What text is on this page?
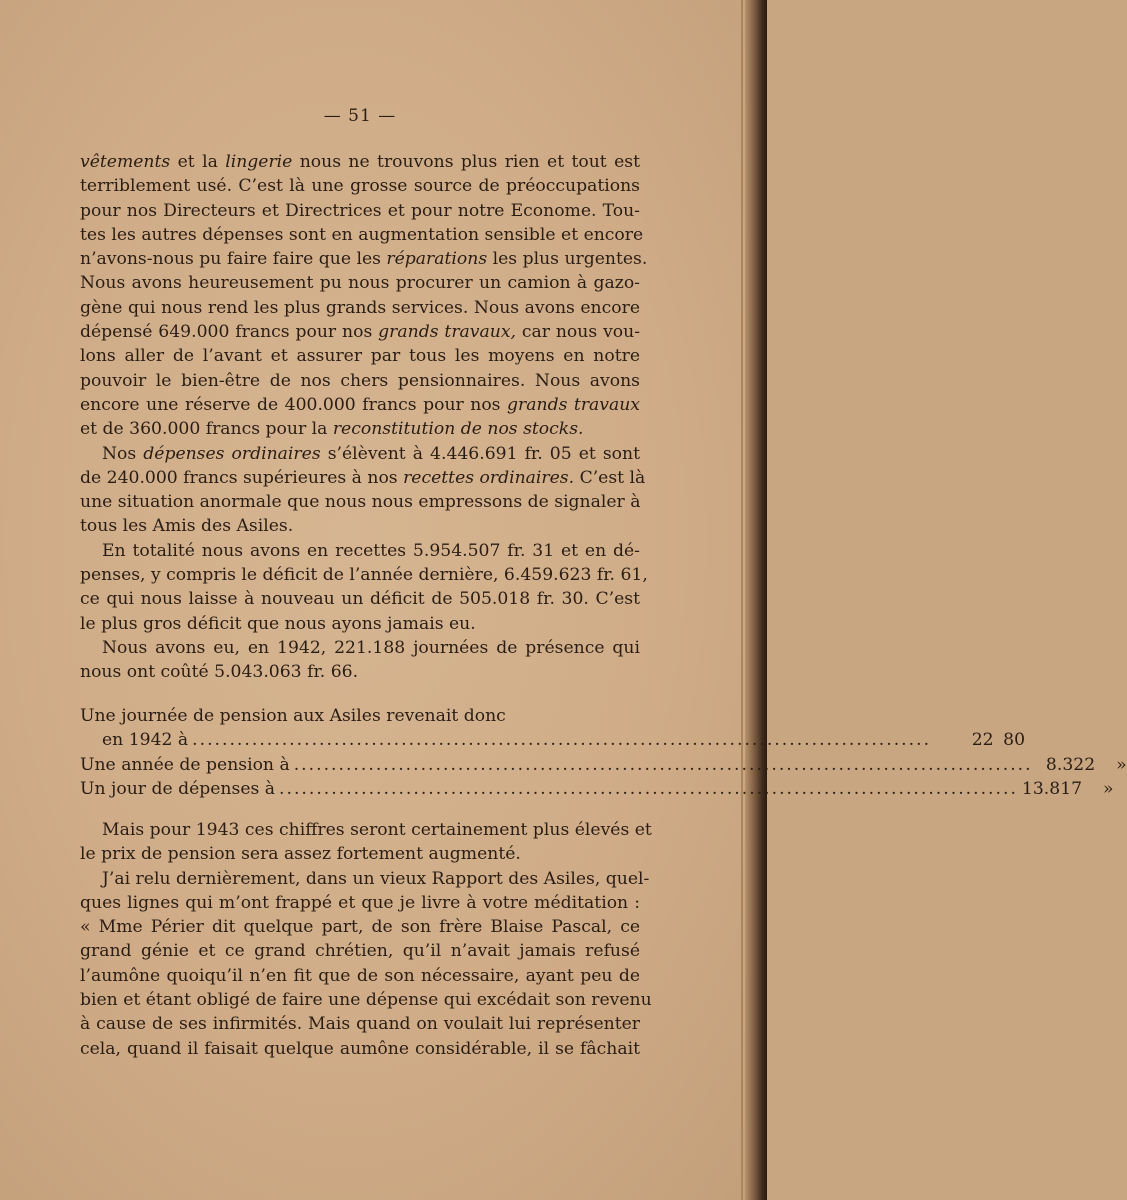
— 51 —

vêtements et la lingerie nous ne trouvons plus rien et tout est
terriblement usé. C’est là une grosse source de préoccupations
pour nos Directeurs et Directrices et pour notre Econome. Tou-
tes les autres dépenses sont en augmentation sensible et encore
n’avons-nous pu faire faire que les réparations les plus urgentes.
Nous avons heureusement pu nous procurer un camion à gazo-
gène qui nous rend les plus grands services. Nous avons encore
dépensé 649.000 francs pour nos grands travaux, car nous vou-
lons aller de l’avant et assurer par tous les moyens en notre
pouvoir le bien-être de nos chers pensionnaires. Nous avons
encore une réserve de 400.000 francs pour nos grands travaux
et de 360.000 francs pour la reconstitution de nos stocks.

Nos dépenses ordinaires s’élèvent à 4.446.691 fr. 05 et sont

de 240.000 francs supérieures à nos recettes ordinaires. C’est là
une situation anormale que nous nous empressons de signaler à
tous les Amis des Asiles.

En totalité nous avons en recettes 5.954.507 fr. 31 et en dé-

penses, y compris le déficit de l’année dernière, 6.459.623 fr. 61,
ce qui nous laisse à nouveau un déficit de 505.018 fr. 30. C’est
le plus gros déficit que nous ayons jamais eu.

Nous avons eu, en 1942, 221.188 journées de présence qui

nous ont coûté 5.043.063 fr. 66.

Une journée de pension aux Asiles revenait donc
en 1942 à ...................................................................................................	22 80
Une année de pension à ................................................................................................... 8.322 »
Un jour de dépenses à ................................................................................................... 13.817 »

Mais pour 1943 ces chiffres seront certainement plus élevés et

le prix de pension sera assez fortement augmenté.

J’ai relu dernièrement, dans un vieux Rapport des Asiles, quel-

ques lignes qui m’ont frappé et que je livre à votre méditation :
« Mme Périer dit quelque part, de son frère Blaise Pascal, ce
grand génie et ce grand chrétien, qu’il n’avait jamais refusé
l’aumône quoiqu’il n’en fit que de son nécessaire, ayant peu de
bien et étant obligé de faire une dépense qui excédait son revenu
à cause de ses infirmités. Mais quand on voulait lui représenter
cela, quand il faisait quelque aumône considérable, il se fâchait
